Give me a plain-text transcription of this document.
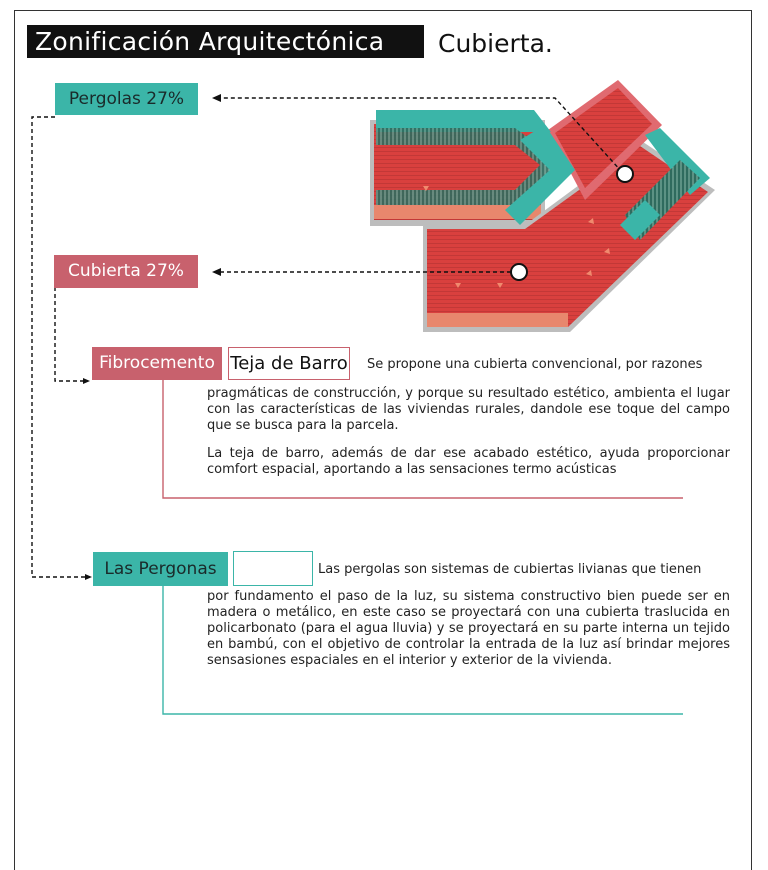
Zonificación Arquitectónica	Cubierta.
Pergolas 27%
Cubierta 27%
Fibrocemento Teja de Barro Se propone una cubierta convencional, por razones
pragmáticas de construcción, y porque su resultado estético, ambienta el lugar con las características de las viviendas rurales, dandole ese toque del campo que se busca para la parcela.
La teja de barro, además de dar ese acabado estético, ayuda proporcionar comfort espacial, aportando a las sensaciones termo acústicas
Las Pergonas	Las pergolas son sistemas de cubiertas livianas que tienen
por fundamento el paso de la luz, su sistema constructivo bien puede ser en madera o metálico, en este caso se proyectará con una cubierta traslucida en policarbonato (para el agua lluvia) y se proyectará en su parte interna un tejido en bambú, con el objetivo de controlar la entrada de la luz así brindar mejores sensasiones espaciales en el interior y exterior de la vivienda.
